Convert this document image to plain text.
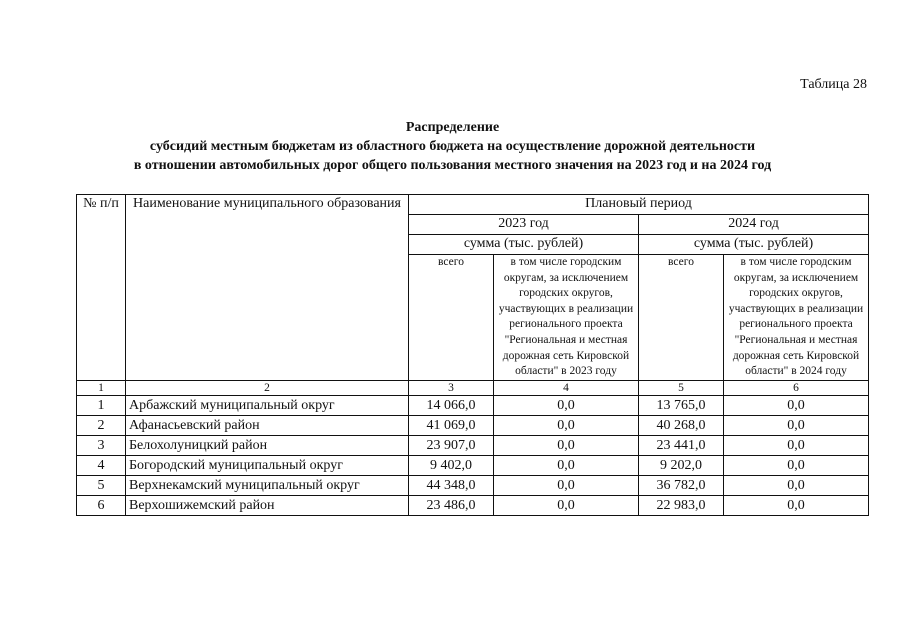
Таблица 28
Распределение
субсидий местным бюджетам из областного бюджета на осуществление дорожной деятельности
в отношении автомобильных дорог общего пользования местного значения на 2023 год и на 2024 год
№ п/п	Наименование муниципального образования	Плановый период			
		2023 год		2024 год	
		сумма (тыс. рублей)		сумма (тыс. рублей)	
		всего	в том числе городским округам, за исключением городских округов, участвующих в реализации регионального проекта "Региональная и местная дорожная сеть Кировской области" в 2023 году	всего	в том числе городским округам, за исключением городских округов, участвующих в реализации регионального проекта "Региональная и местная дорожная сеть Кировской области" в 2024 году
1	2	3	4	5	6
1	Арбажский муниципальный округ	14 066,0	0,0	13 765,0	0,0
2	Афанасьевский район	41 069,0	0,0	40 268,0	0,0
3	Белохолуницкий район	23 907,0	0,0	23 441,0	0,0
4	Богородский муниципальный округ	9 402,0	0,0	9 202,0	0,0
5	Верхнекамский муниципальный округ	44 348,0	0,0	36 782,0	0,0
6	Верхошижемский район	23 486,0	0,0	22 983,0	0,0
